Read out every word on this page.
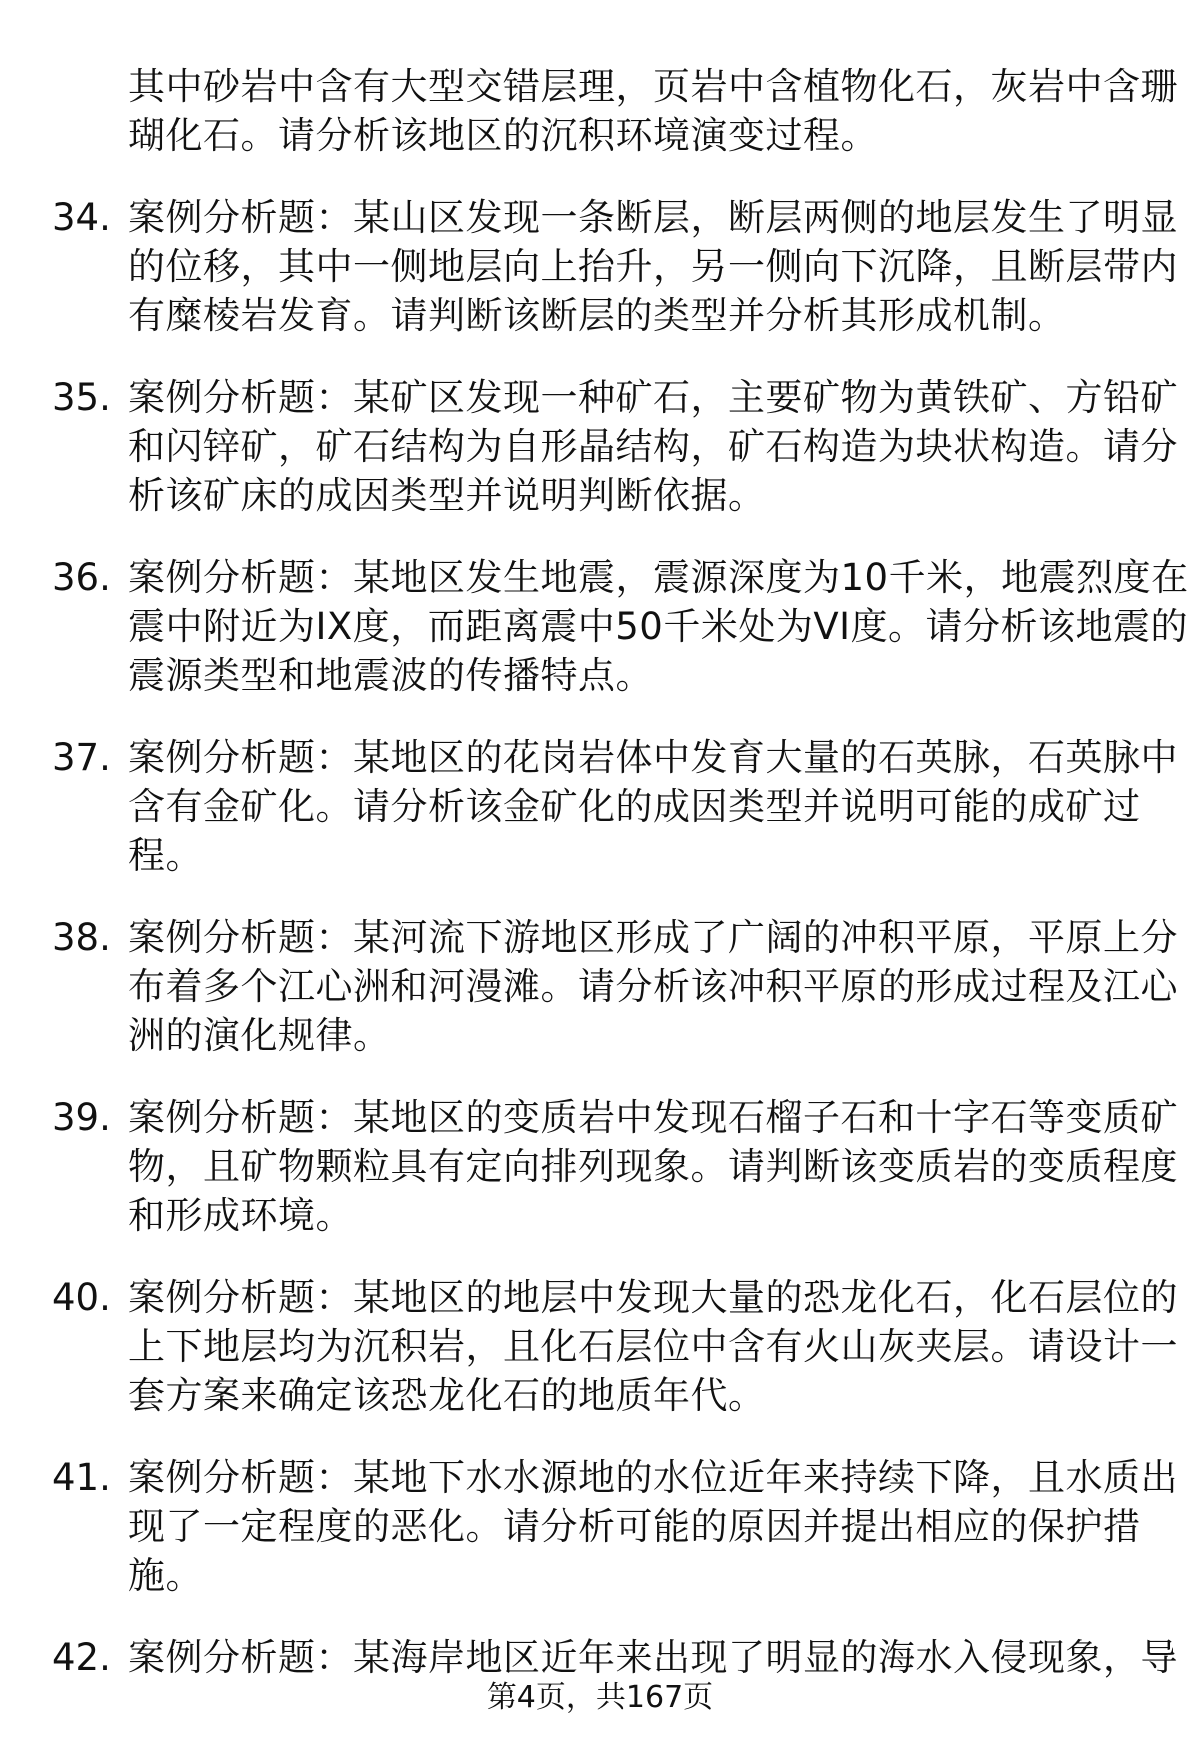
其中砂岩中含有大型交错层理，页岩中含植物化石，灰岩中含珊
瑚化石。请分析该地区的沉积环境演变过程。
34. 案例分析题：某山区发现一条断层，断层两侧的地层发生了明显
的位移，其中一侧地层向上抬升，另一侧向下沉降，且断层带内
有糜棱岩发育。请判断该断层的类型并分析其形成机制。
35. 案例分析题：某矿区发现一种矿石，主要矿物为黄铁矿、方铅矿
和闪锌矿，矿石结构为自形晶结构，矿石构造为块状构造。请分
析该矿床的成因类型并说明判断依据。
36. 案例分析题：某地区发生地震，震源深度为10千米，地震烈度在
震中附近为IX度，而距离震中50千米处为VI度。请分析该地震的
震源类型和地震波的传播特点。
37. 案例分析题：某地区的花岗岩体中发育大量的石英脉，石英脉中
含有金矿化。请分析该金矿化的成因类型并说明可能的成矿过
程。
38. 案例分析题：某河流下游地区形成了广阔的冲积平原，平原上分
布着多个江心洲和河漫滩。请分析该冲积平原的形成过程及江心
洲的演化规律。
39. 案例分析题：某地区的变质岩中发现石榴子石和十字石等变质矿
物，且矿物颗粒具有定向排列现象。请判断该变质岩的变质程度
和形成环境。
40. 案例分析题：某地区的地层中发现大量的恐龙化石，化石层位的
上下地层均为沉积岩，且化石层位中含有火山灰夹层。请设计一
套方案来确定该恐龙化石的地质年代。
41. 案例分析题：某地下水水源地的水位近年来持续下降，且水质出
现了一定程度的恶化。请分析可能的原因并提出相应的保护措
施。
42. 案例分析题：某海岸地区近年来出现了明显的海水入侵现象，导
第4页，共167页
